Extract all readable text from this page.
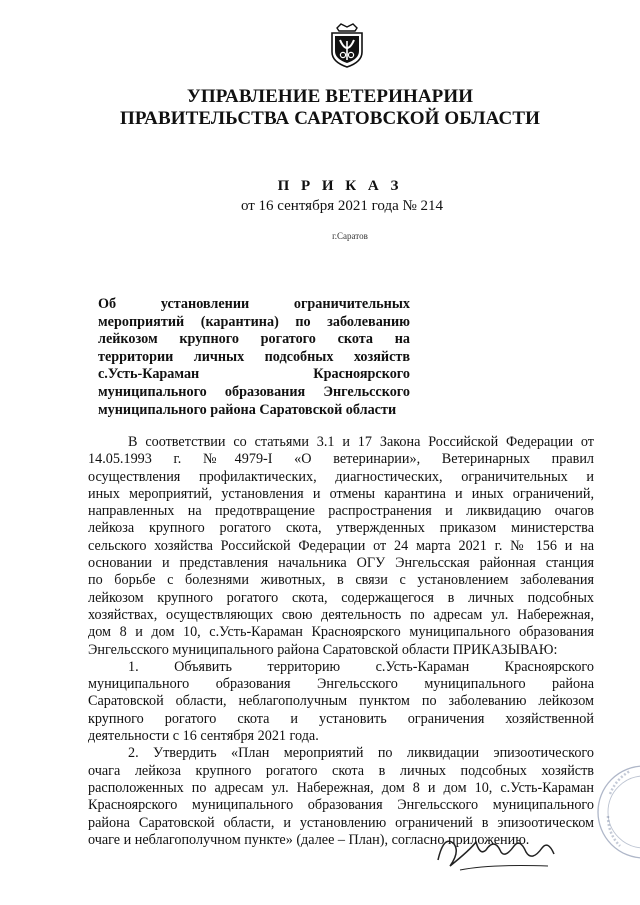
УПРАВЛЕНИЕ ВЕТЕРИНАРИИ
ПРАВИТЕЛЬСТВА САРАТОВСКОЙ ОБЛАСТИ
П Р И К А З
от 16 сентября 2021 года № 214
г.Саратов
Об установлении ограничительных
мероприятий (карантина) по заболеванию
лейкозом крупного рогатого скота на
территории личных подсобных хозяйств
с.Усть-Караман Красноярского
муниципального образования Энгельсского
муниципального района Саратовской области
В соответствии со статьями 3.1 и 17 Закона Российской Федерации от
14.05.1993 г. №4979-I «О ветеринарии», Ветеринарных правил
осуществления профилактических, диагностических, ограничительных и
иных мероприятий, установления и отмены карантина и иных ограничений,
направленных на предотвращение распространения и ликвидацию очагов
лейкоза крупного рогатого скота, утвержденных приказом министерства
сельского хозяйства Российской Федерации от 24 марта 2021 г. № 156 и на
основании и представления начальника ОГУ Энгельсская районная станция
по борьбе с болезнями животных, в связи с установлением заболевания
лейкозом крупного рогатого скота, содержащегося в личных подсобных
хозяйствах, осуществляющих свою деятельность по адресам ул. Набережная,
дом 8 и дом 10, с.Усть-Караман Красноярского муниципального образования
Энгельсского муниципального района Саратовской области ПРИКАЗЫВАЮ:
1. Объявить территорию с.Усть-Караман Красноярского
муниципального образования Энгельсского муниципального района
Саратовской области, неблагополучным пунктом по заболеванию лейкозом
крупного рогатого скота и установить ограничения хозяйственной
деятельности с 16 сентября 2021 года.
2. Утвердить «План мероприятий по ликвидации эпизоотического
очага лейкоза крупного рогатого скота в личных подсобных хозяйств
расположенных по адресам ул. Набережная, дом 8 и дом 10, с.Усть-Караман
Красноярского муниципального образования Энгельсского муниципального
района Саратовской области, и установлению ограничений в эпизоотическом
очаге и неблагополучном пункте» (далее – План), согласно приложению.
